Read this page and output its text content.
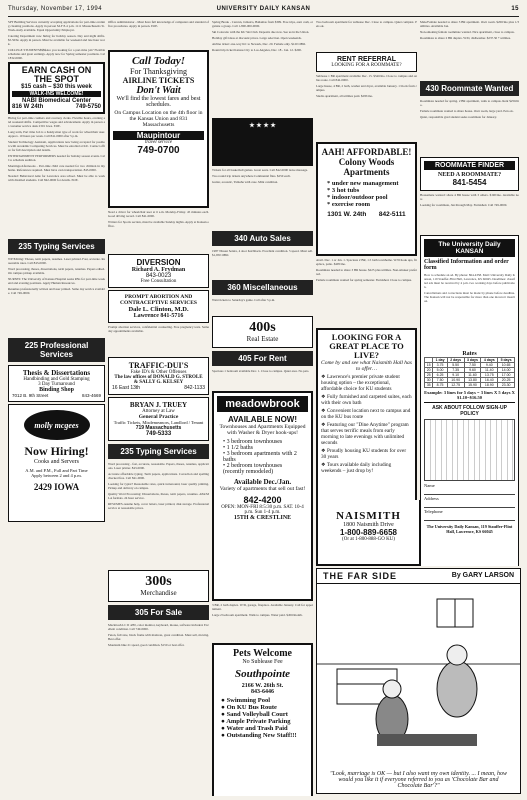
Thursday, November 17, 1994	UNIVERSITY DAILY KANSAN	15

SPT Building Services currently accepting applications for part-time evening cleaning positions. Apply in person M-F 8-4 p.m. 1111 Massachusetts St. Work-study available. Equal Opportunity Employer.

Catering Department now hiring for holiday season. Day and night shifts. $5.50/hr. Apply in person. Must be available for weekend and late hour work.

COLLEGE STUDENTS$$$$Are you looking for a part-time job? Flexible schedules and great earnings. Apply now for Spring semester positions. Call 832-0000.

EARN CASH ON THE SPOT
$15 cash – $30 this week
WALK-INS WELCOME!
NABI Biomedical Center
816 W 24th	749-5750

Hiring for part-time cashiers and courtesy clerks. Flexible hours, evening and weekend shifts. Competitive wages and advancement. Apply in person at customer service desk 2301 Iowa. EOE.

Long term, Part time Job is a handy-man type of work for wheelchair user. Approx. 10 hours per week. Call 841-0000 after 5 p.m.

Student Technology Assistant, Applications now being accepted for position with Academic Computing Services. Must be enrolled at KU. Contact office for full description and details.

ENTERTAINMENT PERFORMERS needed for holiday season events. Call to schedule audition.

Mornings/Afternoons - Part-time child care needed for two children in my home. References required. Must have own transportation. 843-0000.

Needed: Behavioral Aide for Lawrence area school. Must be able to work with disabled students. Call 842-0000 for details. EOE.

235 Typing Services

WP/Editing: Theses, term papers, resumes. Laser printed. Fast, accurate. Reasonable rates. Call 843-0000.

Word processing, theses, dissertations, term papers, resumes. Papers edited. On campus pickup available.

NURSES: The University of Kansas Hospital seeks RNs for part-time weekend and evening positions. Apply Human Resources.

Resumes professionally written and laser printed. Same day service available. Call 749-0000.

225 Professional Services
Thesis & Dissertations
Handbinding and Gold Stamping
3 Day Turnaround
Binding Shop
7012 B. 9th Street	843-4669
molly mcgees
Now Hiring!
Cooks and Servers
A.M. and P.M., Full and Part Time
Apply between 2 and 4 p.m.
2429 IOWA

Office Administrator - Must have full knowledge of computers and standard office procedures. Apply in person. EOE.

Call Today!
For Thanksgiving
AIRLINE TICKETS
Don't Wait
We'll find the lowest fares and best schedules.
On Campus Location on the 4th floor in the Kansas Union and 831 Massachusetts
Maupintour
travel service
749-0700

Need a driver for wheelchair user at 6 a.m. Monday-Friday. 45 minutes each. Good driving record. Call 841-0000.

Writers for Sports section, must be available Sunday nights. Apply at Kansan office.

DIVERSION
Richard A. Frydman
843-0023
Free Consultation
PROMPT ABORTION AND CONTRACEPTIVE SERVICES
Dale L. Clinton, M.D.
Lawrence 841-5716

Prompt abortion services, confidential counseling. Free pregnancy tests. Same day appointments available.

TRAFFIC-DUI'S
Fake ID's & Other Offenses
The law offices of DONALD G. STROLE & SALLY G. KELSEY
16 East 13th	842-1133
BRYAN J. TRUEY
Attorney at Law
General Practice
Traffic Tickets, Misdemeanors, Landlord / Tenant
719 Massachusetts
749-5333
235 Typing Services

Word processing - fast, accurate, reasonable. Papers, theses, resumes, applications. Laser printer. 843-0000.

Accurate affordable typing. Term papers, applications. Correction and spelling checked free. Call 841-0000.

Looking for typist? Reasonable rates, quick turnaround, laser quality printing. Pickup and delivery on campus.

Quality Word Processing: Dissertations, theses, term papers, resumes. APA/MLA formats. 24 hour service.

RESUMES-resume help, cover letters, laser printed, disk storage. Professional service at reasonable prices.

300s
Merchandise
305 For Sale

Macintosh LC II 4/80, color monitor, keyboard, mouse, software included. Excellent condition. Call 749-0000.

Futon, full size, black frame with mattress, great condition. Must sell, moving. Best offer.

Mountain bike 21 speed, good condition. $150 or best offer.

Spring Break - Cancun, Jamaica, Bahamas from $399. Free trips, earn cash, organize a group. Call 1-800-000-0000.

Ski Colorado with the KU Ski Club. Deposits due now. See us in the Union.

Holiday gift ideas at discount prices. Large selection. Open weekends.

Airline ticket: one-way KC to Newark, Dec. 20. Female only. $120 OBO.

Round trip ticket Kansas City to Los Angeles, Dec. 18 - Jan. 12. $200.

★ ★ ★ ★

Tickets for all basketball games. Great seats. Call 842-0000 leave message.

Two round trip tickets anywhere Continental flies. $250 each.

Guitar, acoustic, Yamaha with case. Mint condition.

340 Auto Sales

1987 Nissan Sentra, 4 door hatchback. Excellent condition. 5 speed. Must sell. $1,950 OBO.

360 Miscellaneous

Want tickets to Saturday's game. Call after 5 p.m.

400s
Real Estate
405 For Rent

Spacious 1 bedroom available Dec. 1. Close to campus. Quiet area. No pets.

meadowbrook
AVAILABLE NOW!
Townhouses and Apartments Equipped with Washer & Dryer hook-ups!
• 3 bedroom townhouses
• 1 1/2 baths
• 3 bedroom apartments with 2 baths
• 2 bedroom townhouses (recently remodeled)
Available Dec./Jan.
Variety of apartments that sell out fast!
842-4200
OPEN: MON-FRI 8:5:30 p.m. SAT. 10-4 p.m. Sun 1-4 p.m.
15TH & CRESTLINE

3 BR, 2 bath duplex. W/D, garage, fireplace. Available January. Call for appointment.

Large 2 bedroom apartment. Walk to campus. Water paid. $450/month.

Pets Welcome
No Sublease Fee
Southpointe
2166 W. 26th St.
843-6446
● Swimming Pool
● On KU Bus Route
● Sand Volleyball Court
● Ample Private Parking
● Water and Trash Paid
● Outstanding New Staff!!!

Two bedroom apartment for sublease Dec. Close to campus. Quiet complex. Pets ok.

RENT REFERRAL
LOOKING FOR A ROOMMATE?

Sublease 1 BR apartment available Dec. 15. $340/mo. Close to campus and on bus route. Call 842-0000.

Large house, 4 BR, 2 bath, washer and dryer, available January. 1 block from campus.

Studio apartment, all utilities paid. $295/mo.

AAH! AFFORDABLE! Colony Woods Apartments
* under new management
* 3 hot tubs
* indoor/outdoor pool
* exercise room
1301 W. 24th 842-5111

Avail. Dec. 1 or Jan. 1. Spacious 2 BR, 1.5 bath townhome. W/D hook ups, fireplace, patio. $495/mo.

Roommate needed to share 3 BR house. $225 plus utilities. Non-smoker preferred.

Female roommate wanted for spring semester. Furnished. Close to campus.

LOOKING FOR A GREAT PLACE TO LIVE?
Come by and see what Naismith Hall has to offer…
❖ Lawrence's premier private student housing option – the exceptional, affordable choice for KU students
❖ Fully furnished and carpeted suites, each with their own bath
❖ Convenient location next to campus and on the KU bus route
❖ Featuring our "Dine Anytime" program that serves terrific meals from early morning to late evenings with unlimited seconds
❖ Proudly housing KU students for over 30 years
❖ Tours available daily including weekends – just drop by!

Male/Female needed to share 3 BR apartment. Own room. $200/mo plus 1/3 utilities. Available Jan.

Non-smoking female roommate wanted. Nice apartment, close to campus.

Roommate to share 2 BR duplex. W/D, dishwasher. $237.50 + utilities.

430 Roommate Wanted

Roommate needed for spring. 2 BR apartment, walk to campus. Rent $250/mo.

Female roommate wanted to share house. Own room, large yard. Pets ok.

Quiet, responsible grad student seeks roommate for January.

ROOMMATE FINDER
NEED A ROOMMATE?
841-5454

Housemate wanted: share 4 BR house with 3 others. $190/mo. Available now.

Looking for roommate, Jan through May. Furnished. Call 749-0000.

The University Daily KANSAN
Classified Information and order form

How to schedule an ad. By phone: 864-4358. Mail: University Daily Kansan, 119 Stauffer-Flint Hall, Lawrence, KS 66045. Deadlines: classified ads must be received by 4 p.m. two working days before publication.

Cancellations and corrections must be made by phone before deadline. The Kansan will not be responsible for more than one incorrect insertion.

Rates
	1 day	2 days	3 days	4 days	5 days
15	3.75	5.50	7.50	9.40	10.65
20	5.00	7.35	9.60	11.40	14.00
25	6.25	9.10	11.60	13.75	17.00
30	7.50	10.90	13.80	16.40	20.25
35	8.75	12.75	15.90	18.90	23.30
Example: 3 lines for 5 days = 3 lines X 5 days X $1.10=$16.50
ASK ABOUT FOLLOW SIGN-UP POLICY
Name
Address
Telephone
The University Daily Kansan, 119 Stauffer-Flint Hall, Lawrence, KS 66045
NAISMITH
1800 Naismith Drive
1-800-889-6658
(Or at 1-800-888-GO KU)
THE FAR SIDE	By GARY LARSON
"Look, marriage is OK — but I also want my own identity. ... I mean, how would you like it if everyone referred to you as 'Chocolate Bar and Chocolate Bar'?"
